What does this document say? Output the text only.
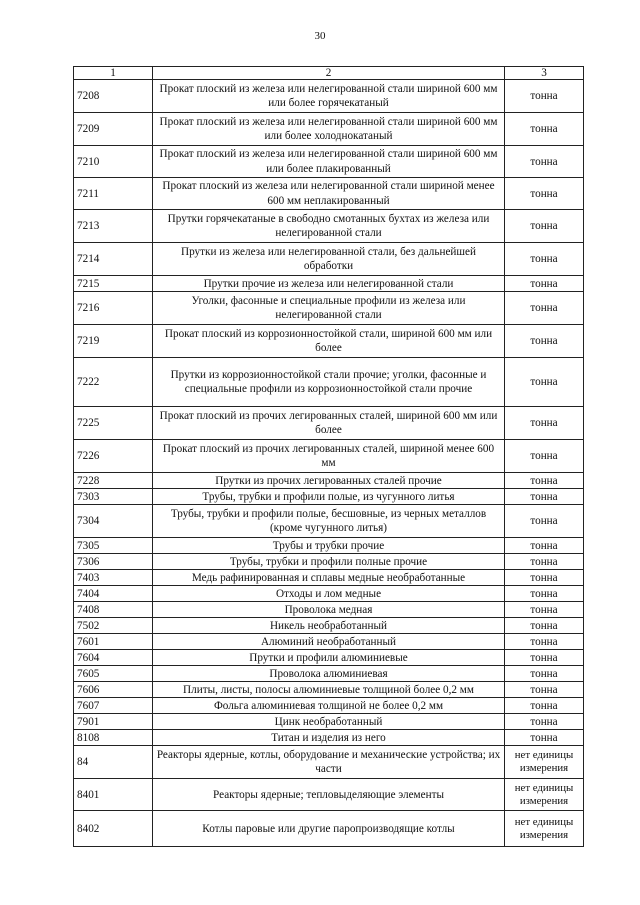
30
1	2	3
7208	Прокат плоский из железа или нелегированной стали шириной 600 мм или более горячекатаный	тонна
7209	Прокат плоский из железа или нелегированной стали шириной 600 мм или более холоднокатаный	тонна
7210	Прокат плоский из железа или нелегированной стали шириной 600 мм или более плакированный	тонна
7211	Прокат плоский из железа или нелегированной стали шириной менее 600 мм неплакированный	тонна
7213	Прутки горячекатаные в свободно смотанных бухтах из железа или нелегированной стали	тонна
7214	Прутки из железа или нелегированной стали, без дальнейшей обработки	тонна
7215	Прутки прочие из железа или нелегированной стали	тонна
7216	Уголки, фасонные и специальные профили из железа или нелегированной стали	тонна
7219	Прокат плоский из коррозионностойкой стали, шириной 600 мм или более	тонна
7222	Прутки из коррозионностойкой стали прочие; уголки, фасонные и специальные профили из коррозионностойкой стали прочие	тонна
7225	Прокат плоский из прочих легированных сталей, шириной 600 мм или более	тонна
7226	Прокат плоский из прочих легированных сталей, шириной менее 600 мм	тонна
7228	Прутки из прочих легированных сталей прочие	тонна
7303	Трубы, трубки и профили полые, из чугунного литья	тонна
7304	Трубы, трубки и профили полые, бесшовные, из черных металлов (кроме чугунного литья)	тонна
7305	Трубы и трубки прочие	тонна
7306	Трубы, трубки и профили полные прочие	тонна
7403	Медь рафинированная и сплавы медные необработанные	тонна
7404	Отходы и лом медные	тонна
7408	Проволока медная	тонна
7502	Никель необработанный	тонна
7601	Алюминий необработанный	тонна
7604	Прутки и профили алюминиевые	тонна
7605	Проволока алюминиевая	тонна
7606	Плиты, листы, полосы алюминиевые толщиной более 0,2 мм	тонна
7607	Фольга алюминиевая толщиной не более 0,2 мм	тонна
7901	Цинк необработанный	тонна
8108	Титан и изделия из него	тонна
84	Реакторы ядерные, котлы, оборудование и механические устройства; их части	нет единицы измерения
8401	Реакторы ядерные; тепловыделяющие элементы	нет единицы измерения
8402	Котлы паровые или другие паропроизводящие котлы	нет единицы измерения
